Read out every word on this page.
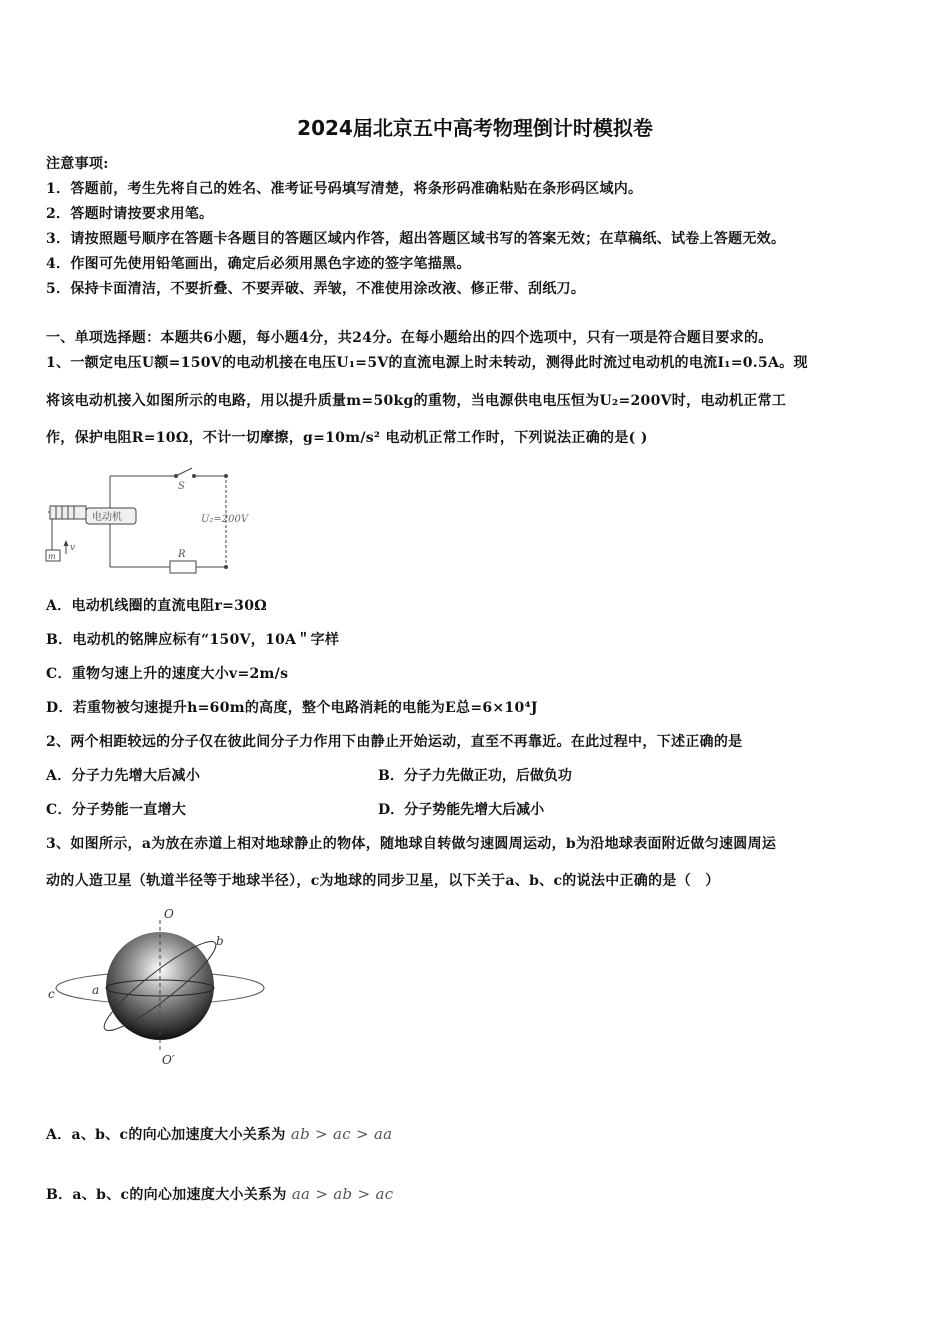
2024届北京五中高考物理倒计时模拟卷
注意事项:
1．答题前，考生先将自己的姓名、准考证号码填写清楚，将条形码准确粘贴在条形码区域内。
2．答题时请按要求用笔。
3．请按照题号顺序在答题卡各题目的答题区域内作答，超出答题区域书写的答案无效；在草稿纸、试卷上答题无效。
4．作图可先使用铅笔画出，确定后必须用黑色字迹的签字笔描黑。
5．保持卡面清洁，不要折叠、不要弄破、弄皱，不准使用涂改液、修正带、刮纸刀。
一、单项选择题：本题共6小题，每小题4分，共24分。在每小题给出的四个选项中，只有一项是符合题目要求的。
1、一额定电压U额=150V的电动机接在电压U₁=5V的直流电源上时未转动，测得此时流过电动机的电流I₁=0.5A。现
将该电动机接入如图所示的电路，用以提升质量m=50kg的重物，当电源供电电压恒为U₂=200V时，电动机正常工
作，保护电阻R=10Ω，不计一切摩擦，g=10m/s² 电动机正常工作时，下列说法正确的是( )
电动机
S
U₂=200V
R
m
v
A．电动机线圈的直流电阻r=30Ω
B．电动机的铭牌应标有“150V，10A＂字样
C．重物匀速上升的速度大小v=2m/s
D．若重物被匀速提升h=60m的高度，整个电路消耗的电能为E总=6×10⁴J
2、两个相距较远的分子仅在彼此间分子力作用下由静止开始运动，直至不再靠近。在此过程中，下述正确的是
A．分子力先增大后减小	B．分子力先做正功，后做负功
C．分子势能一直增大	D．分子势能先增大后减小
3、如图所示，a为放在赤道上相对地球静止的物体，随地球自转做匀速圆周运动，b为沿地球表面附近做匀速圆周运
动的人造卫星（轨道半径等于地球半径），c为地球的同步卫星，以下关于a、b、c的说法中正确的是（　）
O
O′
a
b
c
A．a、b、c的向心加速度大小关系为 ab > ac > aa
B．a、b、c的向心加速度大小关系为 aa > ab > ac
